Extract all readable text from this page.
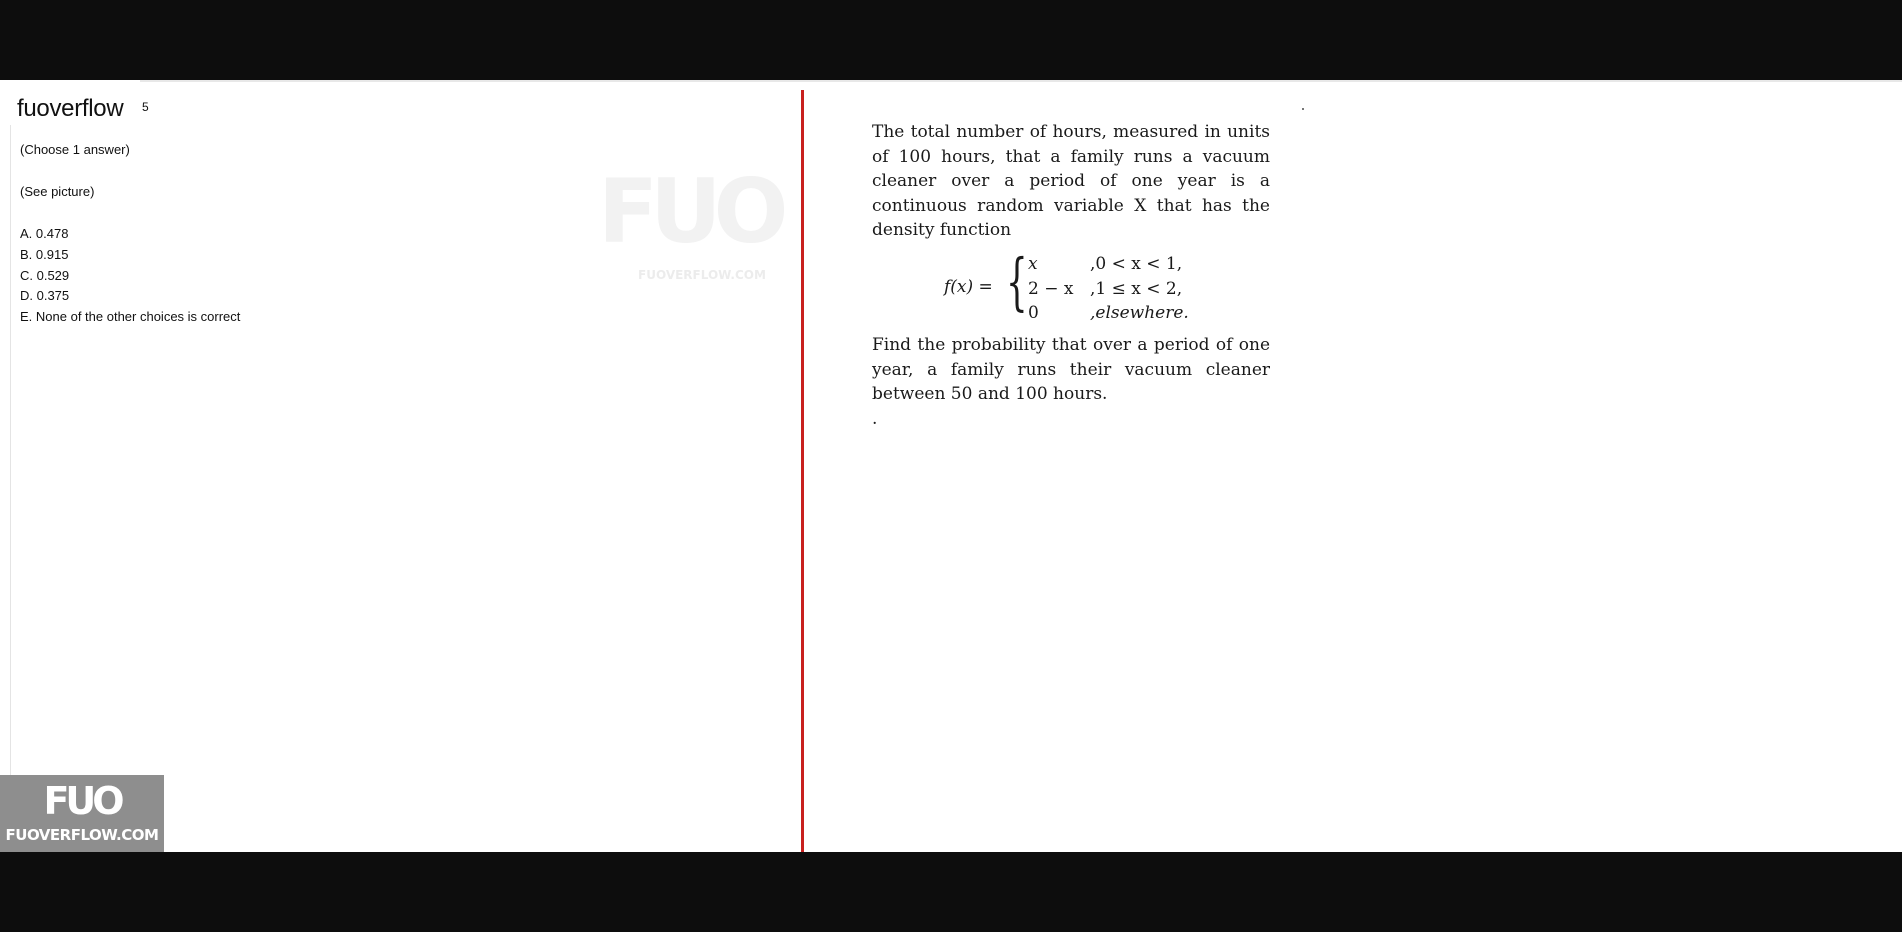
fuoverflow 5
(Choose 1 answer)
(See picture)
A. 0.478
B. 0.915
C. 0.529
D. 0.375
E. None of the other choices is correct
FUO
FUOVERFLOW.COM

The total number of hours, measured in units of 100 hours, that a family runs a vacuum cleaner over a period of one year is a continuous random variable X that has the density function

f(x) = { x	,0 < x < 1,
2 − x	,1 ≤ x < 2,
0	,elsewhere.

Find the probability that over a period of one year, a family runs their vacuum cleaner between 50 and 100 hours.

.

FUO
FUOVERFLOW.COM
